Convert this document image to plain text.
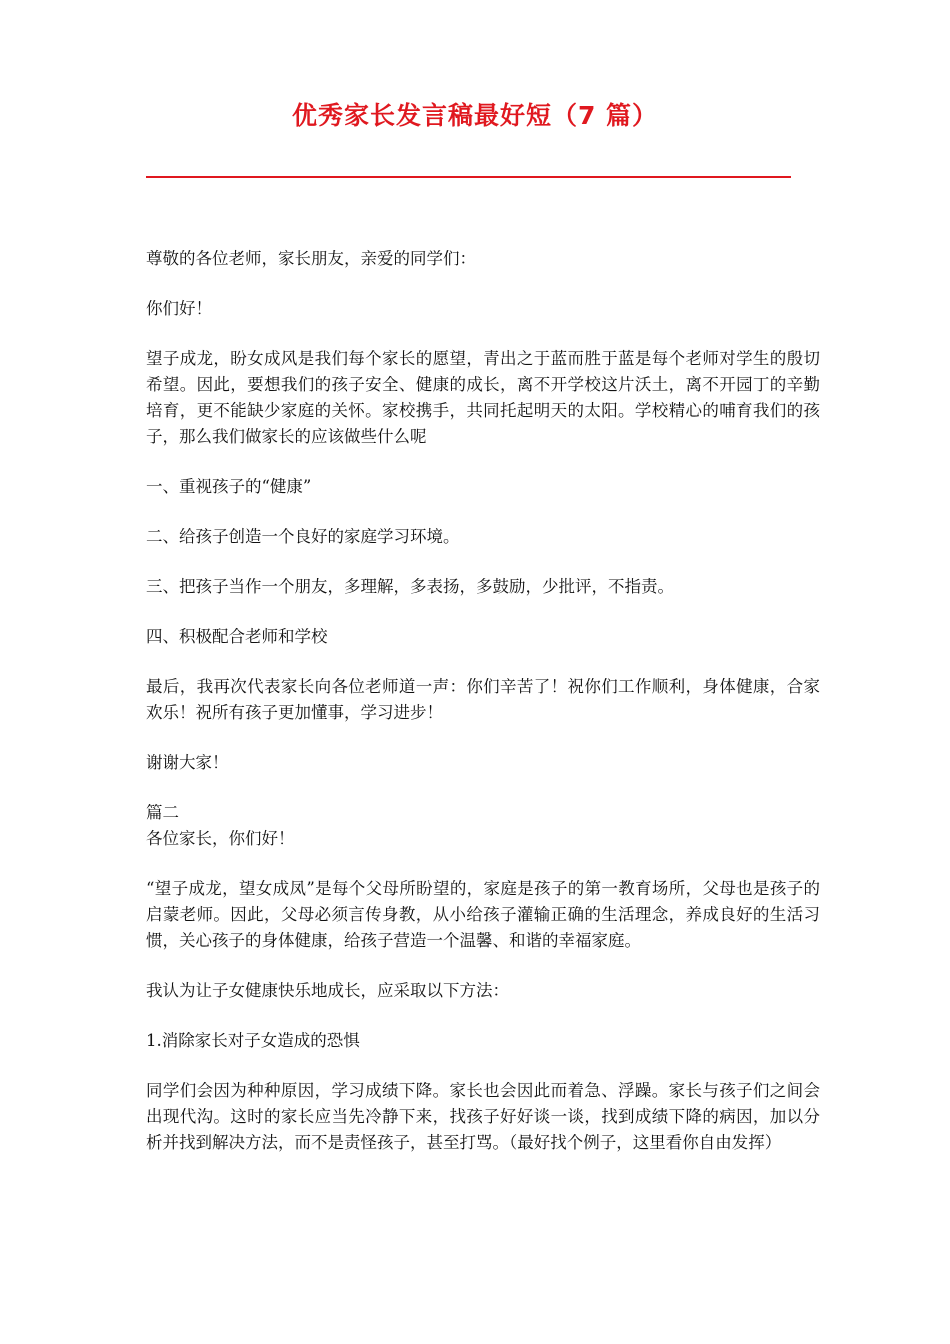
优秀家长发言稿最好短（7 篇）

尊敬的各位老师，家长朋友，亲爱的同学们：

你们好！

望子成龙，盼女成风是我们每个家长的愿望，青出之于蓝而胜于蓝是每个老师对学生的殷切希望。因此，要想我们的孩子安全、健康的成长，离不开学校这片沃土，离不开园丁的辛勤培育，更不能缺少家庭的关怀。家校携手，共同托起明天的太阳。学校精心的哺育我们的孩子，那么我们做家长的应该做些什么呢

一、重视孩子的“健康”

二、给孩子创造一个良好的家庭学习环境。

三、把孩子当作一个朋友，多理解，多表扬，多鼓励，少批评，不指责。

四、积极配合老师和学校

最后，我再次代表家长向各位老师道一声：你们辛苦了！祝你们工作顺利，身体健康，合家欢乐！祝所有孩子更加懂事，学习进步！

谢谢大家！

篇二

各位家长，你们好！

“望子成龙，望女成凤”是每个父母所盼望的，家庭是孩子的第一教育场所，父母也是孩子的启蒙老师。因此，父母必须言传身教，从小给孩子灌输正确的生活理念，养成良好的生活习惯，关心孩子的身体健康，给孩子营造一个温馨、和谐的幸福家庭。

我认为让子女健康快乐地成长，应采取以下方法：

1.消除家长对子女造成的恐惧

同学们会因为种种原因，学习成绩下降。家长也会因此而着急、浮躁。家长与孩子们之间会出现代沟。这时的家长应当先冷静下来，找孩子好好谈一谈，找到成绩下降的病因，加以分析并找到解决方法，而不是责怪孩子，甚至打骂。（最好找个例子，这里看你自由发挥）
